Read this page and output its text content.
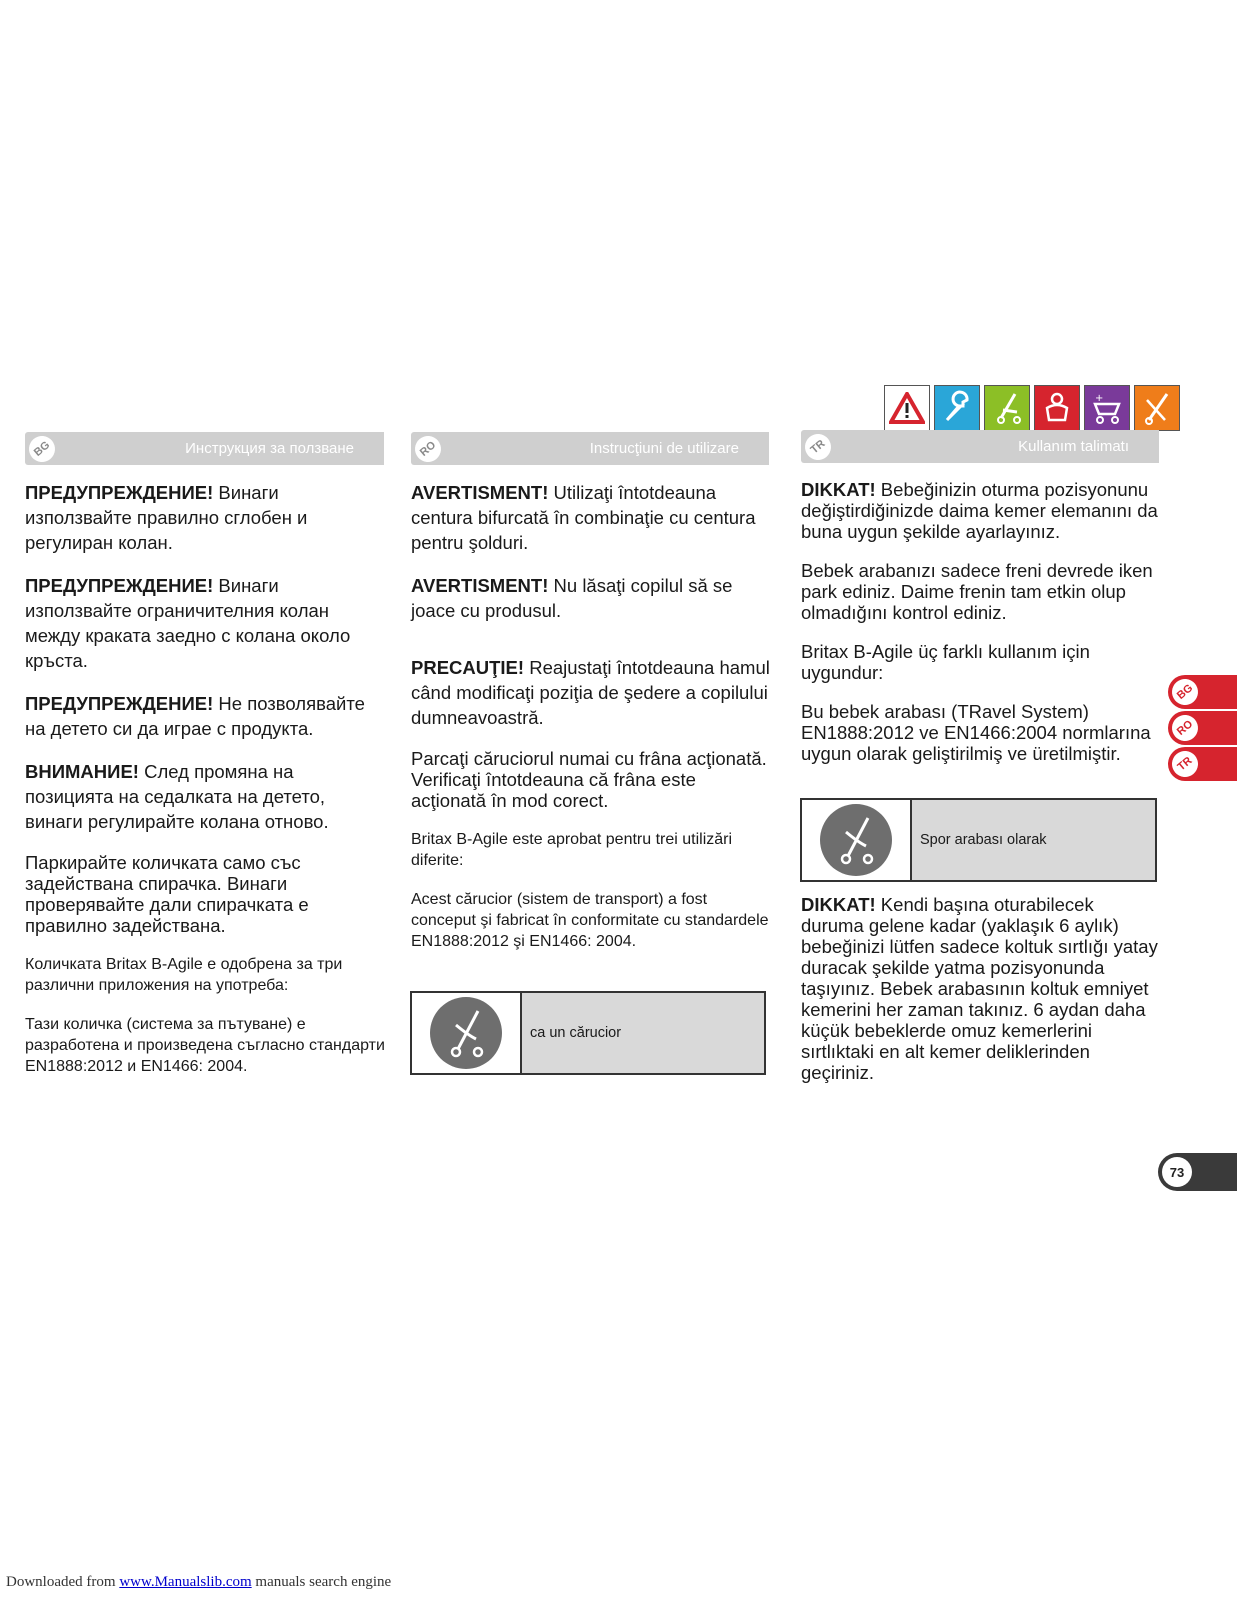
+
BG	Инструкция за ползване

ПРЕДУПРЕЖДЕНИЕ! Винаги използвайте правилно сглобен и регулиран колан.

ПРЕДУПРЕЖДЕНИЕ! Винаги използвайте ограничителния колан между краката заедно с колана около кръста.

ПРЕДУПРЕЖДЕНИЕ! Не позволявайте на детето си да играе с продукта.

ВНИМАНИЕ! След промяна на позицията на седалката на детето, винаги регулирайте колана отново.

Паркирайте количката само със задействана спирачка. Винаги проверявайте дали спирачката е правилно задействана.

Количката Britax B-Agile е одобрена за три различни приложения на употреба:

Тази количка (система за пътуване) е разработена и произведена съгласно стандарти EN1888:2012 и EN1466: 2004.

RO	Instrucţiuni de utilizare

AVERTISMENT! Utilizaţi întotdeauna centura bifurcată în combinaţie cu centura pentru şolduri.

AVERTISMENT! Nu lăsaţi copilul să se joace cu produsul.

PRECAUŢIE! Reajustaţi întotdeauna hamul când modificaţi poziţia de şedere a copilului dumneavoastră.

Parcaţi căruciorul numai cu frâna acţionată. Verificaţi întotdeauna că frâna este acţionată în mod corect.

Britax B-Agile este aprobat pentru trei utilizări diferite:

Acest cărucior (sistem de transport) a fost conceput şi fabricat în conformitate cu standardele EN1888:2012 şi EN1466: 2004.

ca un cărucior
TR	Kullanım talimatı

DIKKAT! Bebeğinizin oturma pozisyonunu değiştirdiğinizde daima kemer elemanını da buna uygun şekilde ayarlayınız.

Bebek arabanızı sadece freni devrede iken park ediniz. Daime frenin tam etkin olup olmadığını kontrol ediniz.

Britax B-Agile üç farklı kullanım için uygundur:

Bu bebek arabası (TRavel System) EN1888:2012 ve EN1466:2004 normlarına uygun olarak geliştirilmiş ve üretilmiştir.

Spor arabası olarak

DIKKAT! Kendi başına oturabilecek duruma gelene kadar (yaklaşık 6 aylık) bebeğinizi lütfen sadece koltuk sırtlığı yatay duracak şekilde yatma pozisyonunda taşıyınız. Bebek arabasının koltuk emniyet kemerini her zaman takınız. 6 aydan daha küçük bebeklerde omuz kemerlerini sırtlıktaki en alt kemer deliklerinden geçiriniz.

BG
RO
TR
73
Downloaded from www.Manualslib.com manuals search engine
